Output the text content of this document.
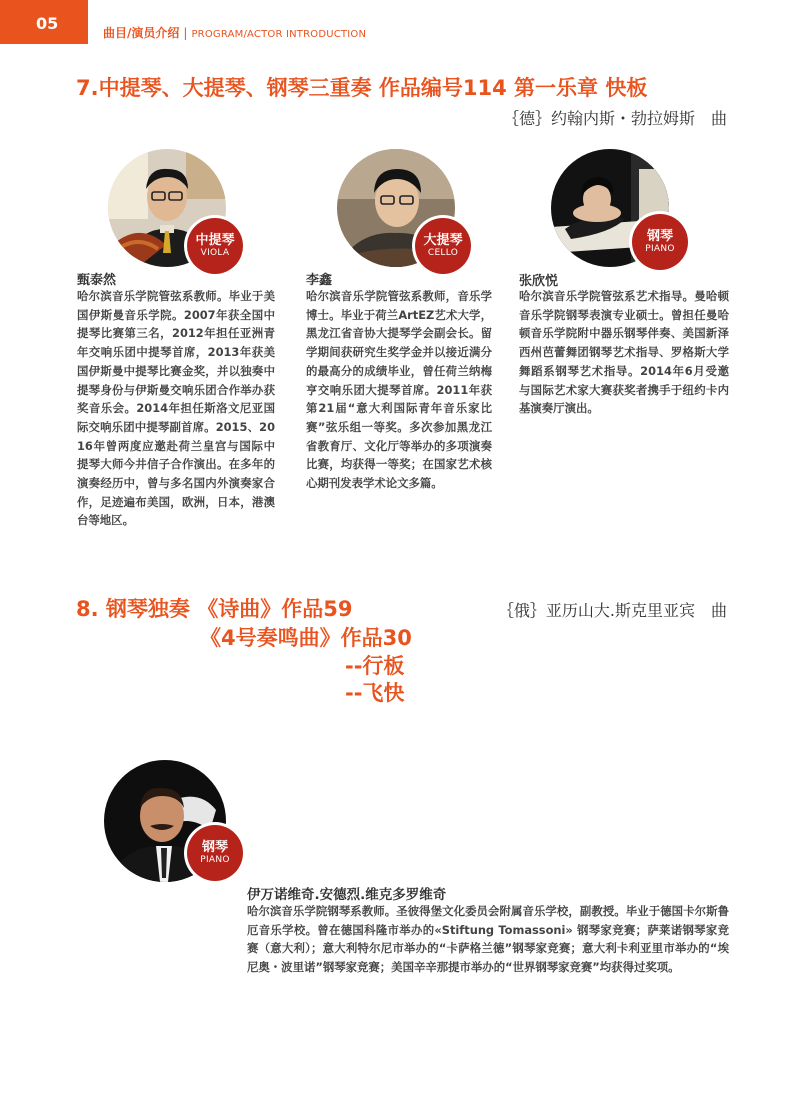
05	曲目/演员介绍 | PROGRAM/ACTOR INTRODUCTION
7.中提琴、大提琴、钢琴三重奏 作品编号114 第一乐章 快板
｛德｝约翰内斯・勃拉姆斯　曲
中提琴
VIOLA
甄泰然
哈尔滨音乐学院管弦系教师。毕业于美国伊斯曼音乐学院。2007年获全国中提琴比赛第三名，2012年担任亚洲青年交响乐团中提琴首席，2013年获美国伊斯曼中提琴比赛金奖，并以独奏中提琴身份与伊斯曼交响乐团合作举办获奖音乐会。2014年担任斯洛文尼亚国际交响乐团中提琴副首席。2015、2016年曾两度应邀赴荷兰皇宫与国际中提琴大师今井信子合作演出。在多年的演奏经历中，曾与多名国内外演奏家合作，足迹遍布美国，欧洲，日本，港澳台等地区。
大提琴
CELLO
李鑫
哈尔滨音乐学院管弦系教师，音乐学博士。毕业于荷兰ArtEZ艺术大学，黑龙江省音协大提琴学会副会长。留学期间获研究生奖学金并以接近满分的最高分的成绩毕业，曾任荷兰纳梅亨交响乐团大提琴首席。2011年获第21届“意大利国际青年音乐家比赛”弦乐组一等奖。多次参加黑龙江省教育厅、文化厅等举办的多项演奏比赛，均获得一等奖；在国家艺术核心期刊发表学术论文多篇。
钢琴
PIANO
张欣悦
哈尔滨音乐学院管弦系艺术指导。曼哈顿音乐学院钢琴表演专业硕士。曾担任曼哈顿音乐学院附中器乐钢琴伴奏、美国新泽西州芭蕾舞团钢琴艺术指导、罗格斯大学舞蹈系钢琴艺术指导。2014年6月受邀与国际艺术家大赛获奖者携手于纽约卡内基演奏厅演出。
8. 钢琴独奏 《诗曲》作品59
《4号奏鸣曲》作品30
--行板
--飞快
｛俄｝亚历山大.斯克里亚宾　曲
钢琴
PIANO
伊万诺维奇.安德烈.维克多罗维奇
哈尔滨音乐学院钢琴系教师。圣彼得堡文化委员会附属音乐学校，副教授。毕业于德国卡尔斯鲁厄音乐学校。曾在德国科隆市举办的«Stiftung Tomassoni» 钢琴家竞赛；萨莱诺钢琴家竞赛（意大利）；意大利特尔尼市举办的“卡萨格兰德”钢琴家竞赛；意大利卡利亚里市举办的“埃尼奥・波里诺”钢琴家竞赛；美国辛辛那提市举办的“世界钢琴家竞赛”均获得过奖项。
